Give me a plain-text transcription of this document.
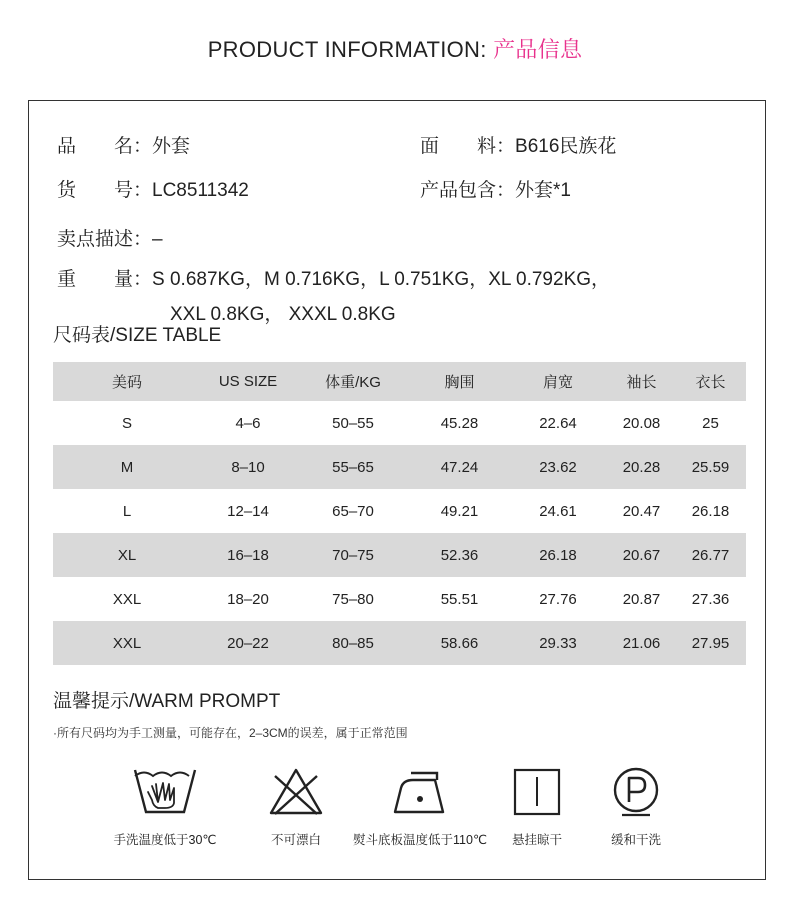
PRODUCT INFORMATION: 产品信息
品　　名：外套	面　　料：B616民族花
货　　号：LC8511342	产品包含：外套*1
卖点描述：–
重　　量：S 0.687KG，M 0.716KG，L 0.751KG，XL 0.792KG，
XXL 0.8KG， XXXL 0.8KG
尺码表/SIZE TABLE
美码	US SIZE	体重/KG	胸围	肩宽	袖长	衣长
S	4–6	50–55	45.28	22.64	20.08	25
M	8–10	55–65	47.24	23.62	20.28	25.59
L	12–14	65–70	49.21	24.61	20.47	26.18
XL	16–18	70–75	52.36	26.18	20.67	26.77
XXL	18–20	75–80	55.51	27.76	20.87	27.36
XXL	20–22	80–85	58.66	29.33	21.06	27.95
温馨提示/WARM PROMPT
·所有尺码均为手工测量，可能存在，2–3CM的误差，属于正常范围
手洗温度低于30℃	不可漂白	熨斗底板温度低于110℃	悬挂晾干	缓和干洗
